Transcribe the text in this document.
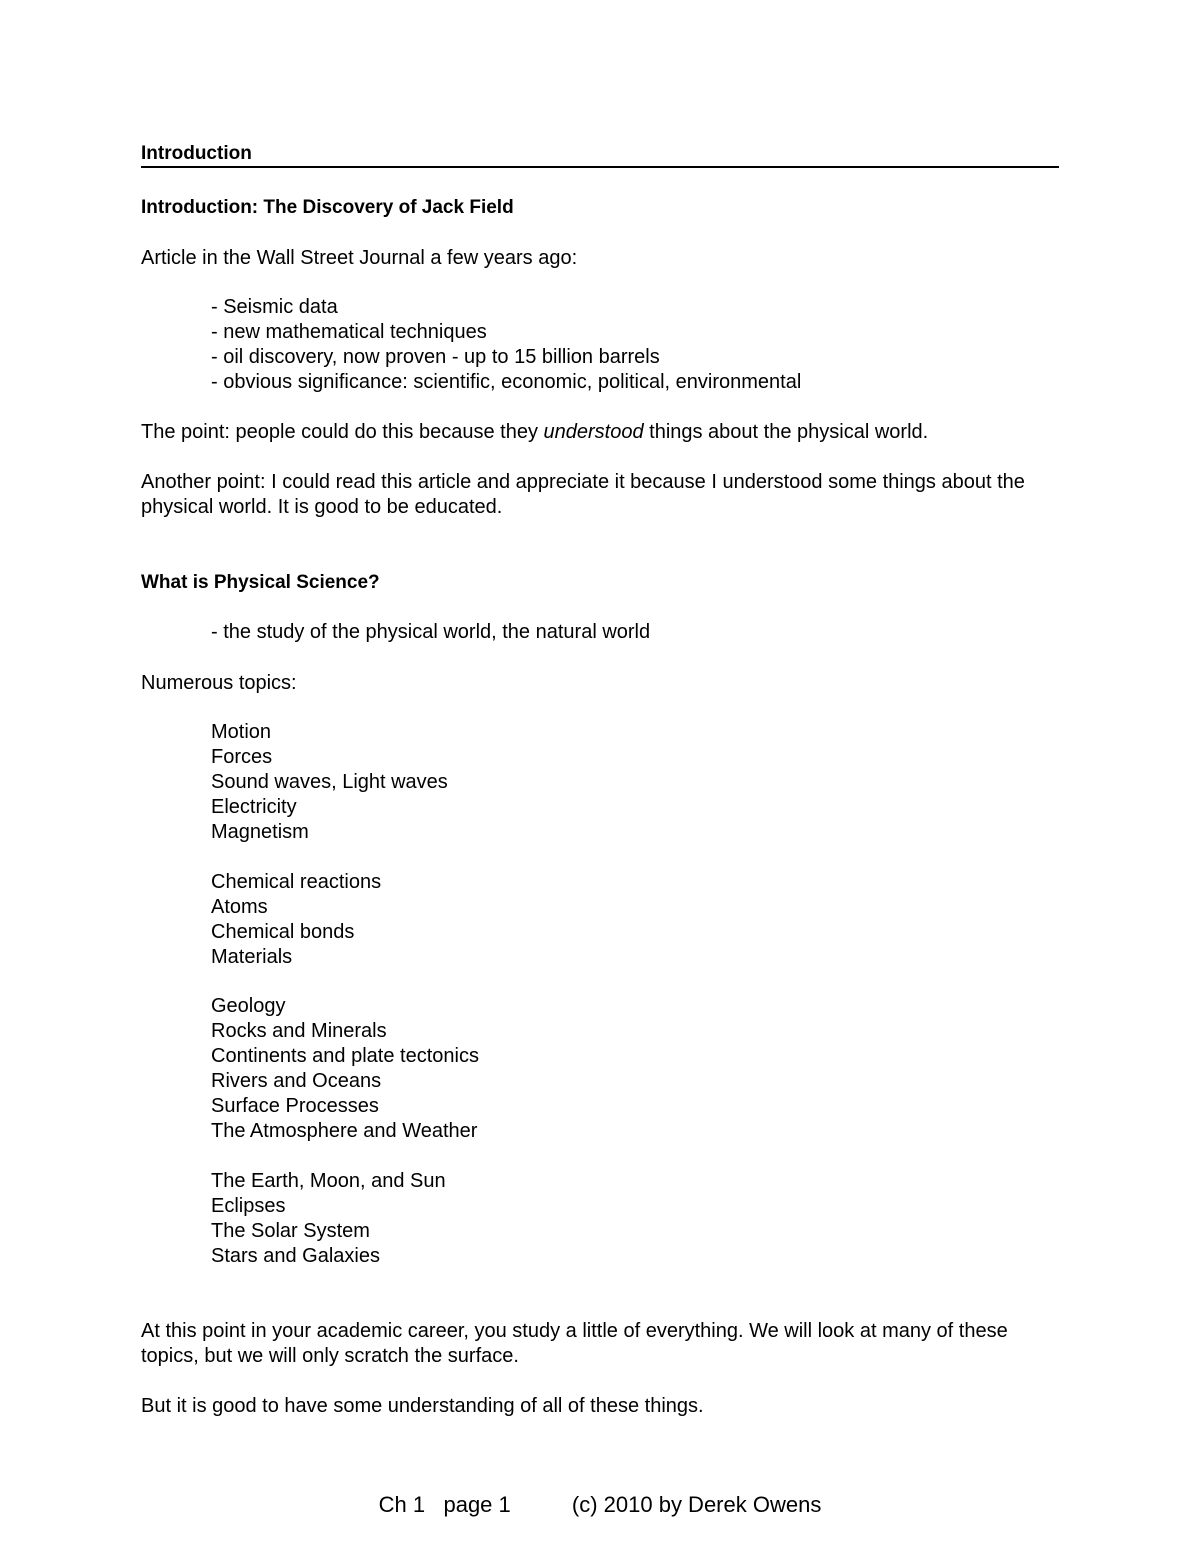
Introduction
Introduction: The Discovery of Jack Field
Article in the Wall Street Journal a few years ago:
- Seismic data
- new mathematical techniques
- oil discovery, now proven - up to 15 billion barrels
- obvious significance: scientific, economic, political, environmental
The point: people could do this because they understood things about the physical world.
Another point: I could read this article and appreciate it because I understood some things about the physical world. It is good to be educated.
What is Physical Science?
- the study of the physical world, the natural world
Numerous topics:
Motion
Forces
Sound waves, Light waves
Electricity
Magnetism
Chemical reactions
Atoms
Chemical bonds
Materials
Geology
Rocks and Minerals
Continents and plate tectonics
Rivers and Oceans
Surface Processes
The Atmosphere and Weather
The Earth, Moon, and Sun
Eclipses
The Solar System
Stars and Galaxies
At this point in your academic career, you study a little of everything. We will look at many of these topics, but we will only scratch the surface.
But it is good to have some understanding of all of these things.
Ch 1   page 1          (c) 2010 by Derek Owens
